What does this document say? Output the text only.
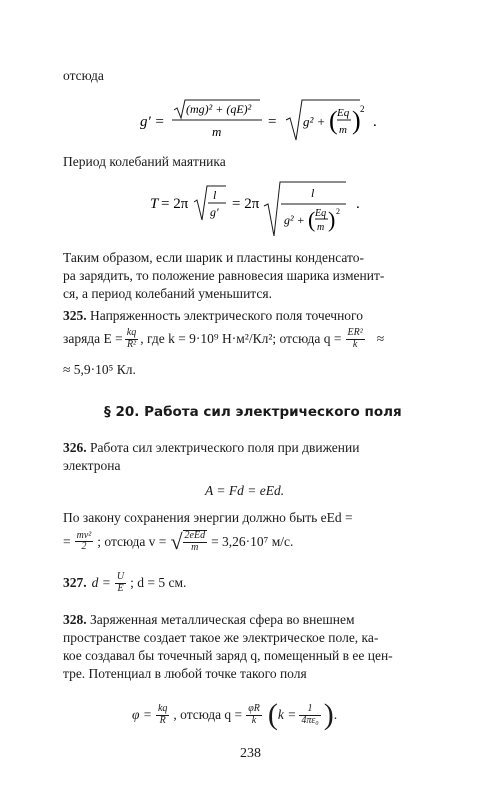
отсюда
g′ =
(mg)² + (qE)²
m
= g² + ( Eq
m ) 2
.
Период колебаний маятника
T = 2π
l
g′ = 2π
l
g² + ( Eq
m ) 2 .
Таким образом, если шарик и пластины конденсато-
ра зарядить, то положение равновесия шарика изменит-
ся, а период колебаний уменьшится.
325. Напряженность электрического поля точечного
заряда $E = \frac{kq}{\text{R²}}$ , где k = 9·10⁹ Н·м²/Кл²; отсюда $q = \frac{\text{ER²}}{k}$ ≈
≈ 5,9·10⁵ Кл.
§ 20. Работа сил электрического поля
326. Работа сил электрического поля при движении
электрона
A = Fd = eEd.
По закону сохранения энергии должно быть eEd =
= $\frac{\text{mv²}}{2}$ ; отсюда v = √ $\frac{\text{2eEd}}{m} = 3,26\cdot 10^7$ м/с.
327. $d = \frac{U}{E}$ ; d = 5 см.
328. Заряженная металлическая сфера во внешнем
пространстве создает такое же электрическое поле, ка-
кое создавал бы точечный заряд q, помещенный в ее цен-
тре. Потенциал в любой точке такого поля
$\varphi = \frac{kq}{R}$ , отсюда $q = \frac{\varphi R}{k}$ ( $k = \frac{1}{\text{4πε₀}}$ ) .
238
